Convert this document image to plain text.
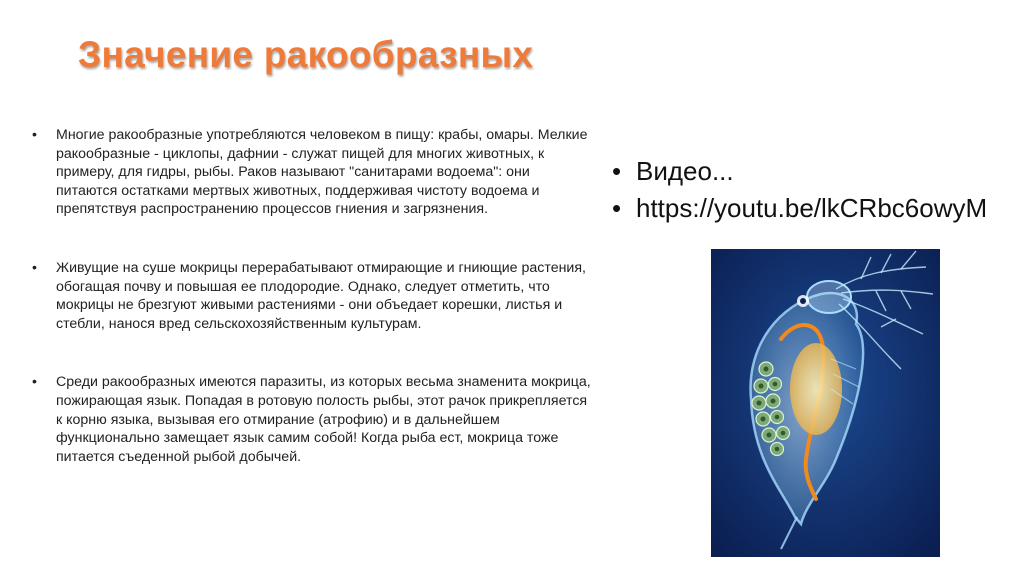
Значение ракообразных
• Многие ракообразные употребляются человеком в пищу: крабы, омары. Мелкие ракообразные - циклопы, дафнии - служат пищей для многих животных, к примеру, для гидры, рыбы. Раков называют "санитарами водоема": они питаются остатками мертвых животных, поддерживая чистоту водоема и препятствуя распространению процессов гниения и загрязнения.
• Живущие на суше мокрицы перерабатывают отмирающие и гниющие растения, обогащая почву и повышая ее плодородие. Однако, следует отметить, что мокрицы не брезгуют живыми растениями - они объедает корешки, листья и стебли, нанося вред сельскохозяйственным культурам.
• Среди ракообразных имеются паразиты, из которых весьма знаменита мокрица, пожирающая язык. Попадая в ротовую полость рыбы, этот рачок прикрепляется к корню языка, вызывая его отмирание (атрофию) и в дальнейшем функционально замещает язык самим собой! Когда рыба ест, мокрица тоже питается съеденной рыбой добычей.
• Видео...
• https://youtu.be/lkCRbc6owyM
